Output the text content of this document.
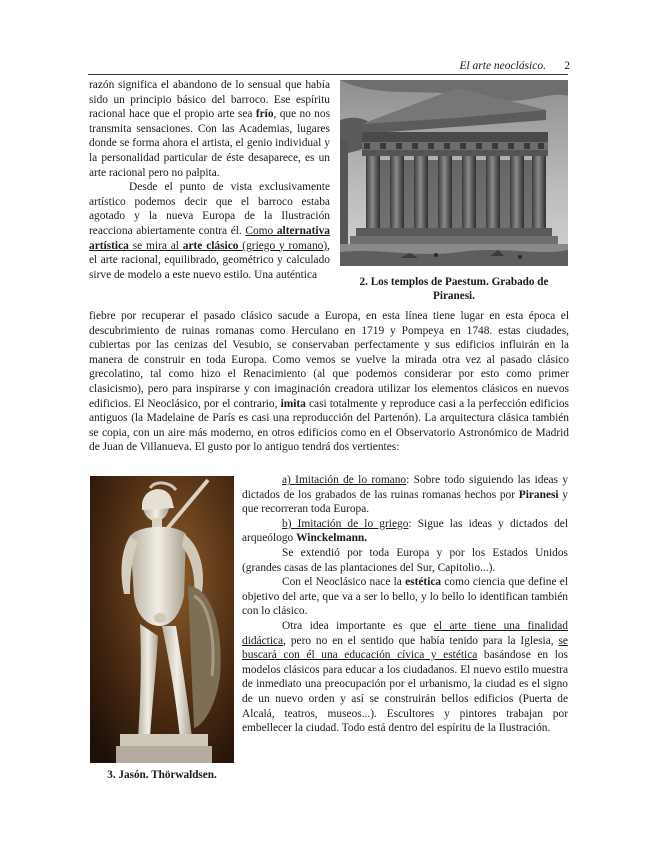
El arte neoclásico. 2

razón significa el abandono de lo sensual que había sido un principio básico del barroco. Ese espíritu racional hace que el propio arte sea frío, que no nos transmita sensaciones. Con las Academias, lugares donde se forma ahora el artista, el genio individual y la personalidad particular de éste desaparece, es un arte racional pero no palpita.

Desde el punto de vista exclusivamente artístico podemos decir que el barroco estaba agotado y la nueva Europa de la Ilustración reacciona abiertamente contra él. Como alternativa artística se mira al arte clásico (griego y romano), el arte racional, equilibrado, geométrico y calculado sirve de modelo a este nuevo estilo. Una auténtica

2. Los templos de Paestum. Grabado de Piranesi.

fiebre por recuperar el pasado clásico sacude a Europa, en esta línea tiene lugar en esta época el descubrimiento de ruinas romanas como Herculano en 1719 y Pompeya en 1748. estas ciudades, cubiertas por las cenizas del Vesubio, se conservaban perfectamente y sus edificios influirán en la manera de construir en toda Europa. Como vemos se vuelve la mirada otra vez al pasado clásico grecolatino, tal como hizo el Renacimiento (al que podemos considerar por esto como primer clasicismo), pero para inspirarse y con imaginación creadora utilizar los elementos clásicos en nuevos edificios. El Neoclásico, por el contrario, imita casi totalmente y reproduce casi a la perfección edificios antiguos (la Madelaine de París es casi una reproducción del Partenón). La arquitectura clásica también se copia, con un aire más moderno, en otros edificios como en el Observatorio Astronómico de Madrid de Juan de Villanueva. El gusto por lo antiguo tendrá dos vertientes:

3. Jasón. Thörwaldsen.

a) Imitación de lo romano: Sobre todo siguiendo las ideas y dictados de los grabados de las ruinas romanas hechos por Piranesi y que recorreran toda Europa.

b) Imitación de lo griego: Sigue las ideas y dictados del arqueólogo Winckelmann.

Se extendió por toda Europa y por los Estados Unidos (grandes casas de las plantaciones del Sur, Capitolio...).

Con el Neoclásico nace la estética como ciencia que define el objetivo del arte, que va a ser lo bello, y lo bello lo identifican también con lo clásico.

Otra idea importante es que el arte tiene una finalidad didáctica, pero no en el sentido que había tenido para la Iglesia, se buscará con él una educación cívica y estética basándose en los modelos clásicos para educar a los ciudadanos. El nuevo estilo muestra de inmediato una preocupación por el urbanismo, la ciudad es el signo de un nuevo orden y así se construirán bellos edificios (Puerta de Alcalá, teatros, museos...). Escultores y pintores trabajan por embellecer la ciudad. Todo está dentro del espíritu de la Ilustración.
